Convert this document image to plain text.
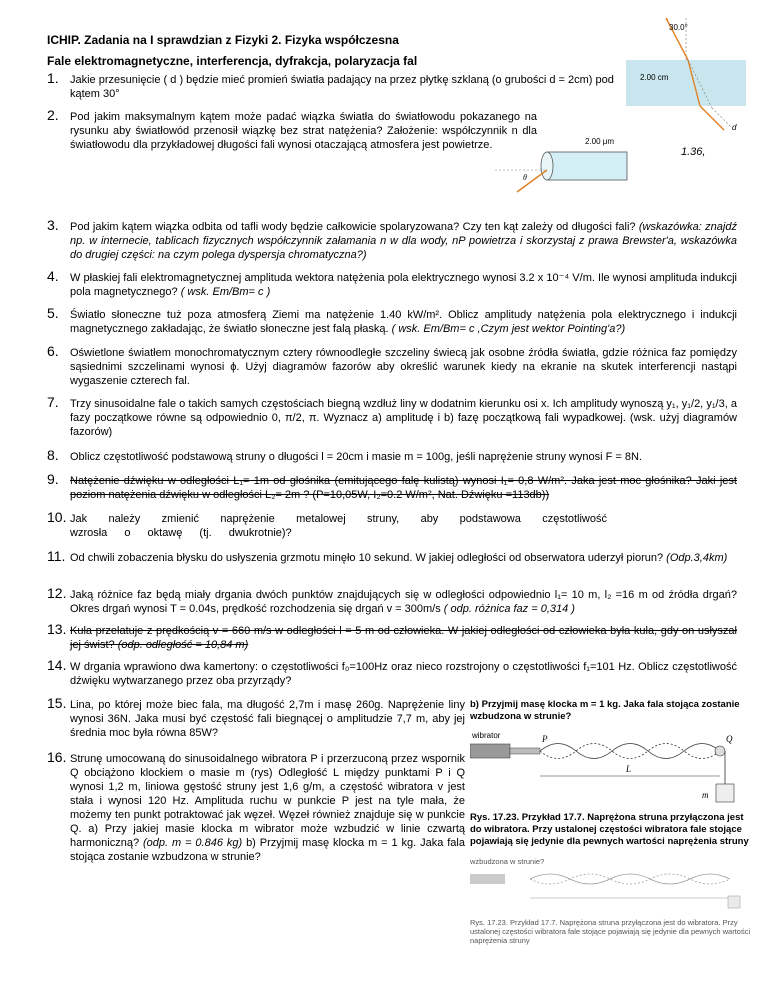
ICHIP. Zadania na I sprawdzian z Fizyki 2. Fizyka współczesna
Fale elektromagnetyczne, interferencja, dyfrakcja, polaryzacja fal
30.0°
2.00 cm
d
2.00 μm
θ
1.36,
1. Jakie przesunięcie ( d ) będzie mieć promień światła padający na przez płytkę szklaną (o grubości d = 2cm) pod kątem 30°
2. Pod jakim maksymalnym kątem może padać wiązka światła do światłowodu pokazanego na rysunku aby światłowód przenosił wiązkę bez strat natężenia? Założenie: współczynnik n dla światłowodu dla przykładowej długości fali wynosi otaczającą atmosfera jest powietrze.
3. Pod jakim kątem wiązka odbita od tafli wody będzie całkowicie spolaryzowana? Czy ten kąt zależy od długości fali? (wskazówka: znajdź np. w internecie, tablicach fizycznych współczynnik załamania n w dla wody, nP powietrza i skorzystaj z prawa Brewster'a, wskazówka do drugiej części: na czym polega dyspersja chromatyczna?)
4. W płaskiej fali elektromagnetycznej amplituda wektora natężenia pola elektrycznego wynosi 3.2 x 10⁻⁴ V/m. Ile wynosi amplituda indukcji pola magnetycznego? ( wsk. Em/Bm= c )
5. Światło słoneczne tuż poza atmosferą Ziemi ma natężenie 1.40 kW/m². Oblicz amplitudy natężenia pola elektrycznego i indukcji magnetycznego zakładając, że światło słoneczne jest falą płaską. ( wsk. Em/Bm= c ,Czym jest wektor Pointing'a?)
6. Oświetlone światłem monochromatycznym cztery równoodległe szczeliny świecą jak osobne źródła światła, gdzie różnica faz pomiędzy sąsiednimi szczelinami wynosi ϕ. Użyj diagramów fazorów aby określić warunek kiedy na ekranie na skutek interferencji nastąpi wygaszenie czterech fal.
7. Trzy sinusoidalne fale o takich samych częstościach biegną wzdłuż liny w dodatnim kierunku osi x. Ich amplitudy wynoszą y₁, y₁/2, y₁/3, a fazy początkowe równe są odpowiednio 0, π/2, π. Wyznacz a) amplitudę i b) fazę początkową fali wypadkowej. (wsk. użyj diagramów fazorów)
8. Oblicz częstotliwość podstawową struny o długości l = 20cm i masie m = 100g, jeśli naprężenie struny wynosi F = 8N.
9. Natężenie dźwięku w odległości L₁= 1m od głośnika (emitującego falę kulistą) wynosi I₁= 0,8 W/m². Jaka jest moc głośnika? Jaki jest poziom natężenia dźwięku w odległości L₂= 2m ? (P=10,05W, I₂=0.2 W/m², Nat. Dźwięku =113db))
10. Jak należy zmienić naprężenie metalowej struny, aby podstawowa częstotliwość wzrosła o oktawę (tj. dwukrotnie)?
11. Od chwili zobaczenia błysku do usłyszenia grzmotu minęło 10 sekund. W jakiej odległości od obserwatora uderzył piorun? (Odp.3,4km)
12. Jaką różnice faz będą miały drgania dwóch punktów znajdujących się w odległości odpowiednio l₁= 10 m, l₂ =16 m od źródła drgań? Okres drgań wynosi T = 0.04s, prędkość rozchodzenia się drgań v = 300m/s ( odp. różnica faz = 0,314 )
13. Kula przelatuje z prędkością v = 660 m/s w odległości l = 5 m od człowieka. W jakiej odległości od człowieka była kula, gdy on usłyszał jej świst? (odp. odległość = 10,84 m)
14. W drgania wprawiono dwa kamertony: o częstotliwości f₀=100Hz oraz nieco rozstrojony o częstotliwości f₁=101 Hz. Oblicz częstotliwość dźwięku wytwarzanego przez oba przyrządy?
15. Lina, po której może biec fala, ma długość 2,7m i masę 260g. Naprężenie liny wynosi 36N. Jaka musi być częstość fali biegnącej o amplitudzie 7,7 m, aby jej średnia moc była równa 85W?
16. Strunę umocowaną do sinusoidalnego wibratora P i przerzuconą przez wspornik Q obciążono klockiem o masie m (rys) Odległość L między punktami P i Q wynosi 1,2 m, liniowa gęstość struny jest 1,6 g/m, a częstość wibratora v jest stała i wynosi 120 Hz. Amplituda ruchu w punkcie P jest na tyle mała, że możemy ten punkt potraktować jak węzeł. Węzeł również znajduje się w punkcie Q. a) Przy jakiej masie klocka m wibrator może wzbudzić w linie czwartą harmoniczną? (odp. m = 0.846 kg) b) Przyjmij masę klocka m = 1 kg. Jaka fala stojąca zostanie wzbudzona w strunie?
b) Przyjmij masę klocka m = 1 kg. Jaka fala stojąca zostanie wzbudzona w strunie?
wibrator	P	Q
L
m
Rys. 17.23. Przykład 17.7. Naprężona struna przyłączona jest do wibratora. Przy ustalonej częstości wibratora fale stojące pojawiają się jedynie dla pewnych wartości naprężenia struny
wzbudzona w strunie?
Rys. 17.23. Przykład 17.7. Naprężona struna przyłączona jest do wibratora. Przy ustalonej częstości wibratora fale stojące pojawiają się jedynie dla pewnych wartości naprężenia struny
